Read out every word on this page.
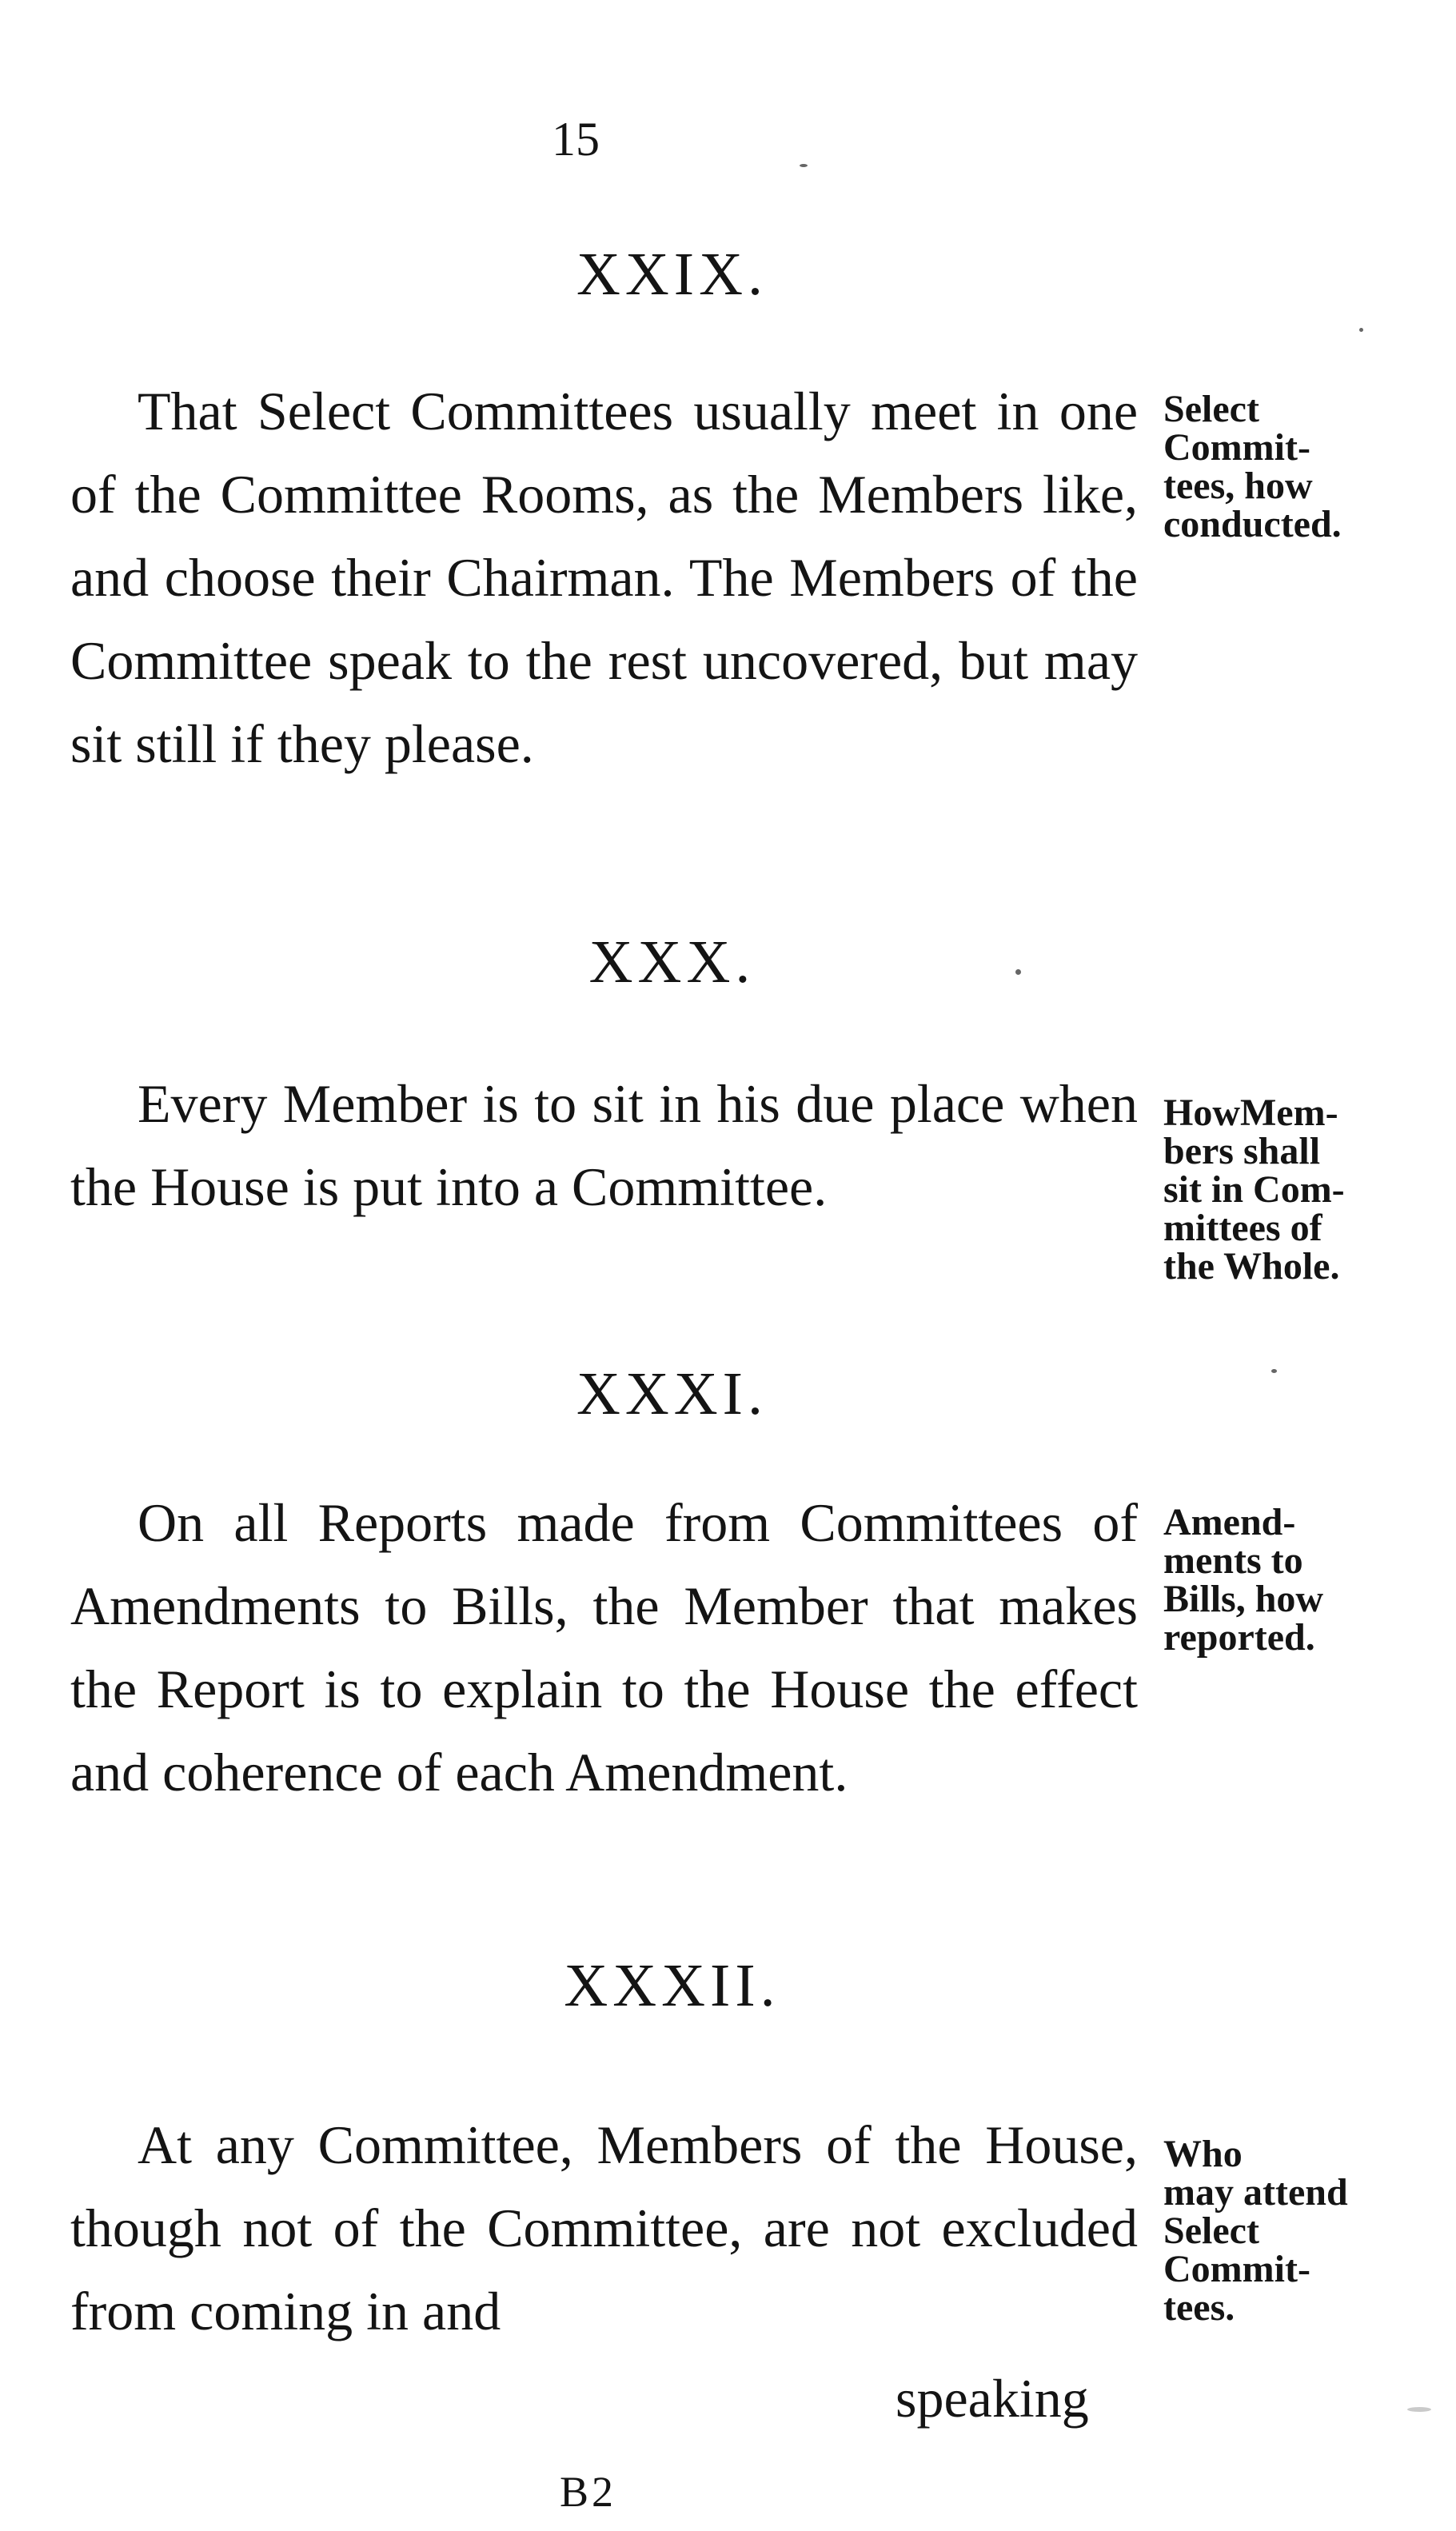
15
XXIX.

That Select Committees usually meet in one of the Committee Rooms, as the Members like, and choose their Chairman. The Members of the Committee speak to the rest uncovered, but may sit still if they please.

Select
Commit-
tees, how
conducted.
XXX.

Every Member is to sit in his due place when the House is put into a Committee.

HowMem-
bers shall
sit in Com-
mittees of
the Whole.
XXXI.

On all Reports made from Committees of Amendments to Bills, the Member that makes the Report is to explain to the House the effect and coherence of each Amendment.

Amend-
ments to
Bills, how
reported.
XXXII.

At any Committee, Members of the House, though not of the Committee, are not excluded from coming in and

Who
may attend
Select
Commit-
tees.
speaking
B2
